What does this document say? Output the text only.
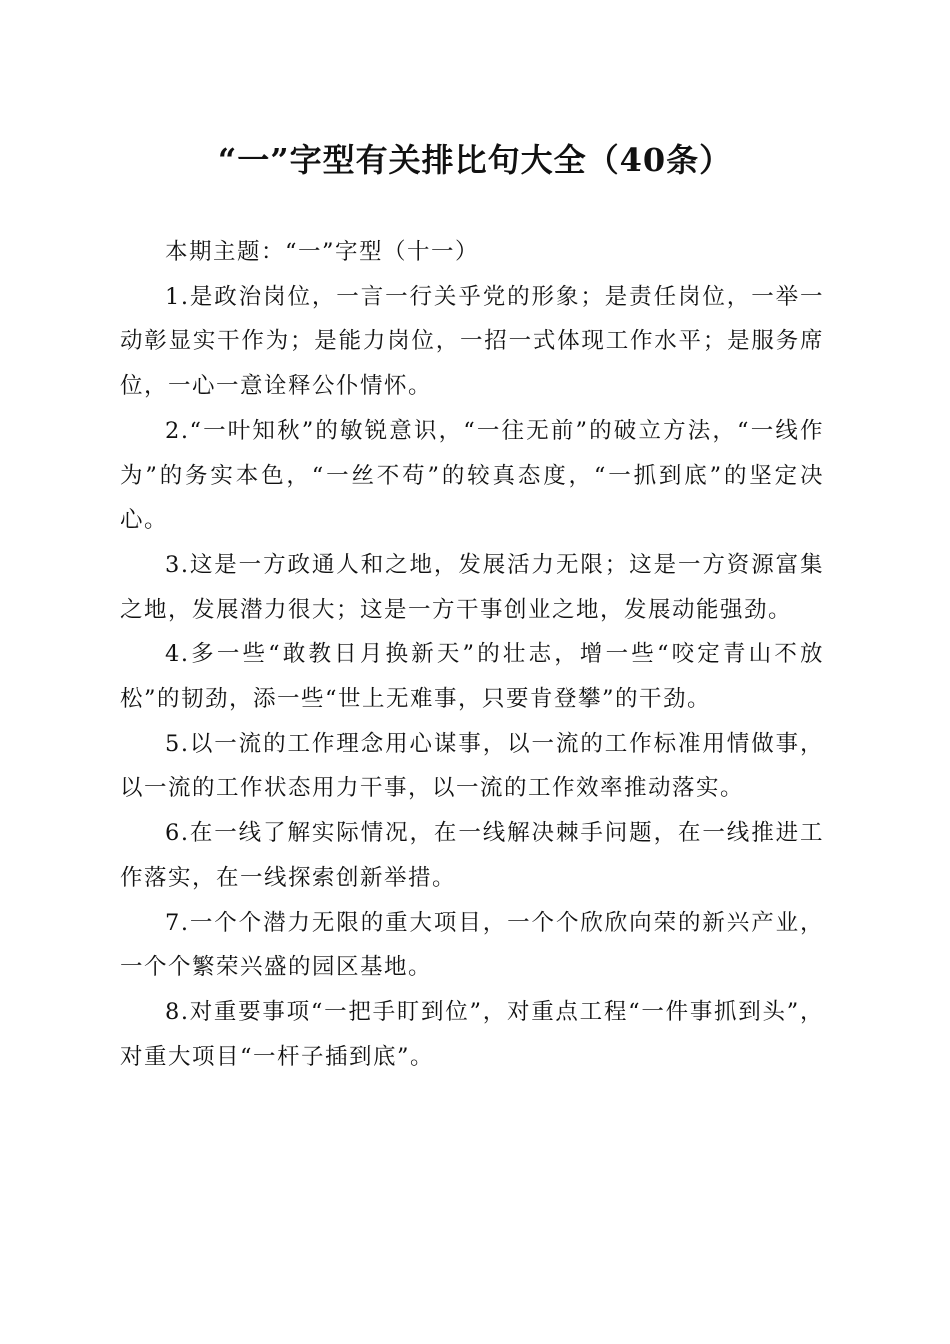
“一”字型有关排比句大全（40条）

本期主题：“一”字型（十一）

1.是政治岗位，一言一行关乎党的形象；是责任岗位，一举一动彰显实干作为；是能力岗位，一招一式体现工作水平；是服务席位，一心一意诠释公仆情怀。

2.“一叶知秋”的敏锐意识，“一往无前”的破立方法，“一线作为”的务实本色，“一丝不苟”的较真态度，“一抓到底”的坚定决心。

3.这是一方政通人和之地，发展活力无限；这是一方资源富集之地，发展潜力很大；这是一方干事创业之地，发展动能强劲。

4.多一些“敢教日月换新天”的壮志，增一些“咬定青山不放松”的韧劲，添一些“世上无难事，只要肯登攀”的干劲。

5.以一流的工作理念用心谋事，以一流的工作标准用情做事，以一流的工作状态用力干事，以一流的工作效率推动落实。

6.在一线了解实际情况，在一线解决棘手问题，在一线推进工作落实，在一线探索创新举措。

7.一个个潜力无限的重大项目，一个个欣欣向荣的新兴产业，一个个繁荣兴盛的园区基地。

8.对重要事项“一把手盯到位”，对重点工程“一件事抓到头”，对重大项目“一杆子插到底”。
